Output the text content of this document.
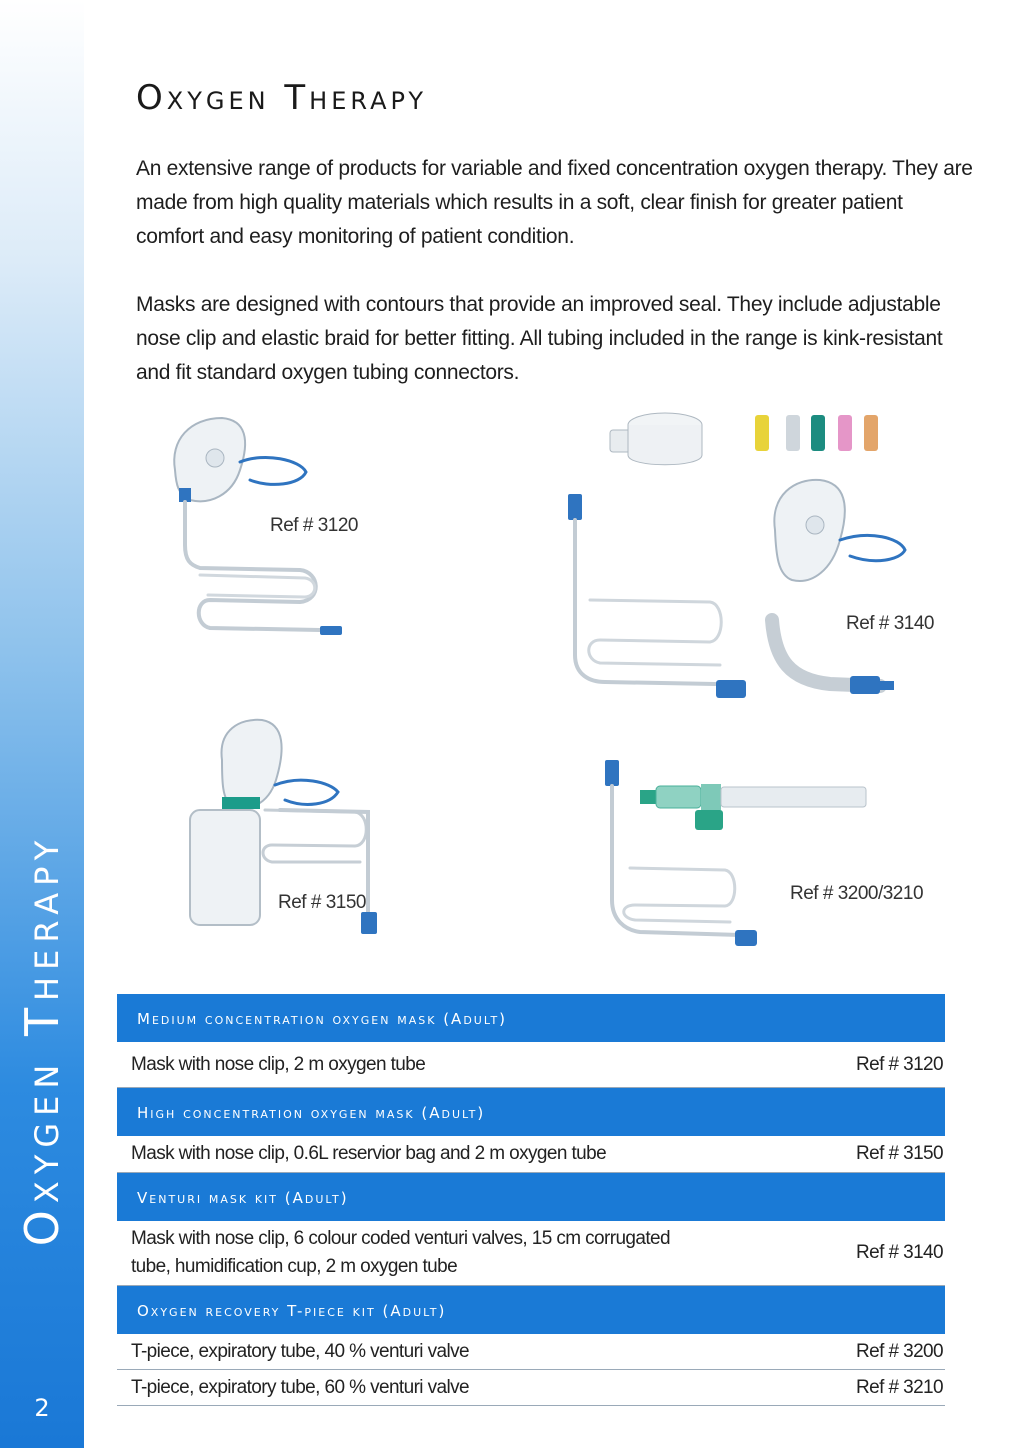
Oxygen Therapy
2
Oxygen Therapy

An extensive range of products for variable and fixed concentration oxygen therapy. They are made from high quality materials which results in a soft, clear finish for greater patient comfort and easy monitoring of patient condition.

Masks are designed with contours that provide an improved seal. They include adjustable nose clip and elastic braid for better fitting. All tubing included in the range is kink-resistant and fit standard oxygen tubing connectors.

Ref # 3120
Ref # 3140
Ref # 3150	Ref # 3200/3210
Medium concentration oxygen mask (Adult)
Mask with nose clip, 2 m oxygen tube	Ref # 3120
High concentration oxygen mask (Adult)
Mask with nose clip, 0.6L reservior bag and 2 m oxygen tube	Ref # 3150
Venturi mask kit (Adult)
Mask with nose clip, 6 colour coded venturi valves, 15 cm corrugated tube, humidification cup, 2 m oxygen tube
Ref # 3140
Oxygen recovery T-piece kit (Adult)
T-piece, expiratory tube, 40 % venturi valve	Ref # 3200
T-piece, expiratory tube, 60 % venturi valve	Ref # 3210
